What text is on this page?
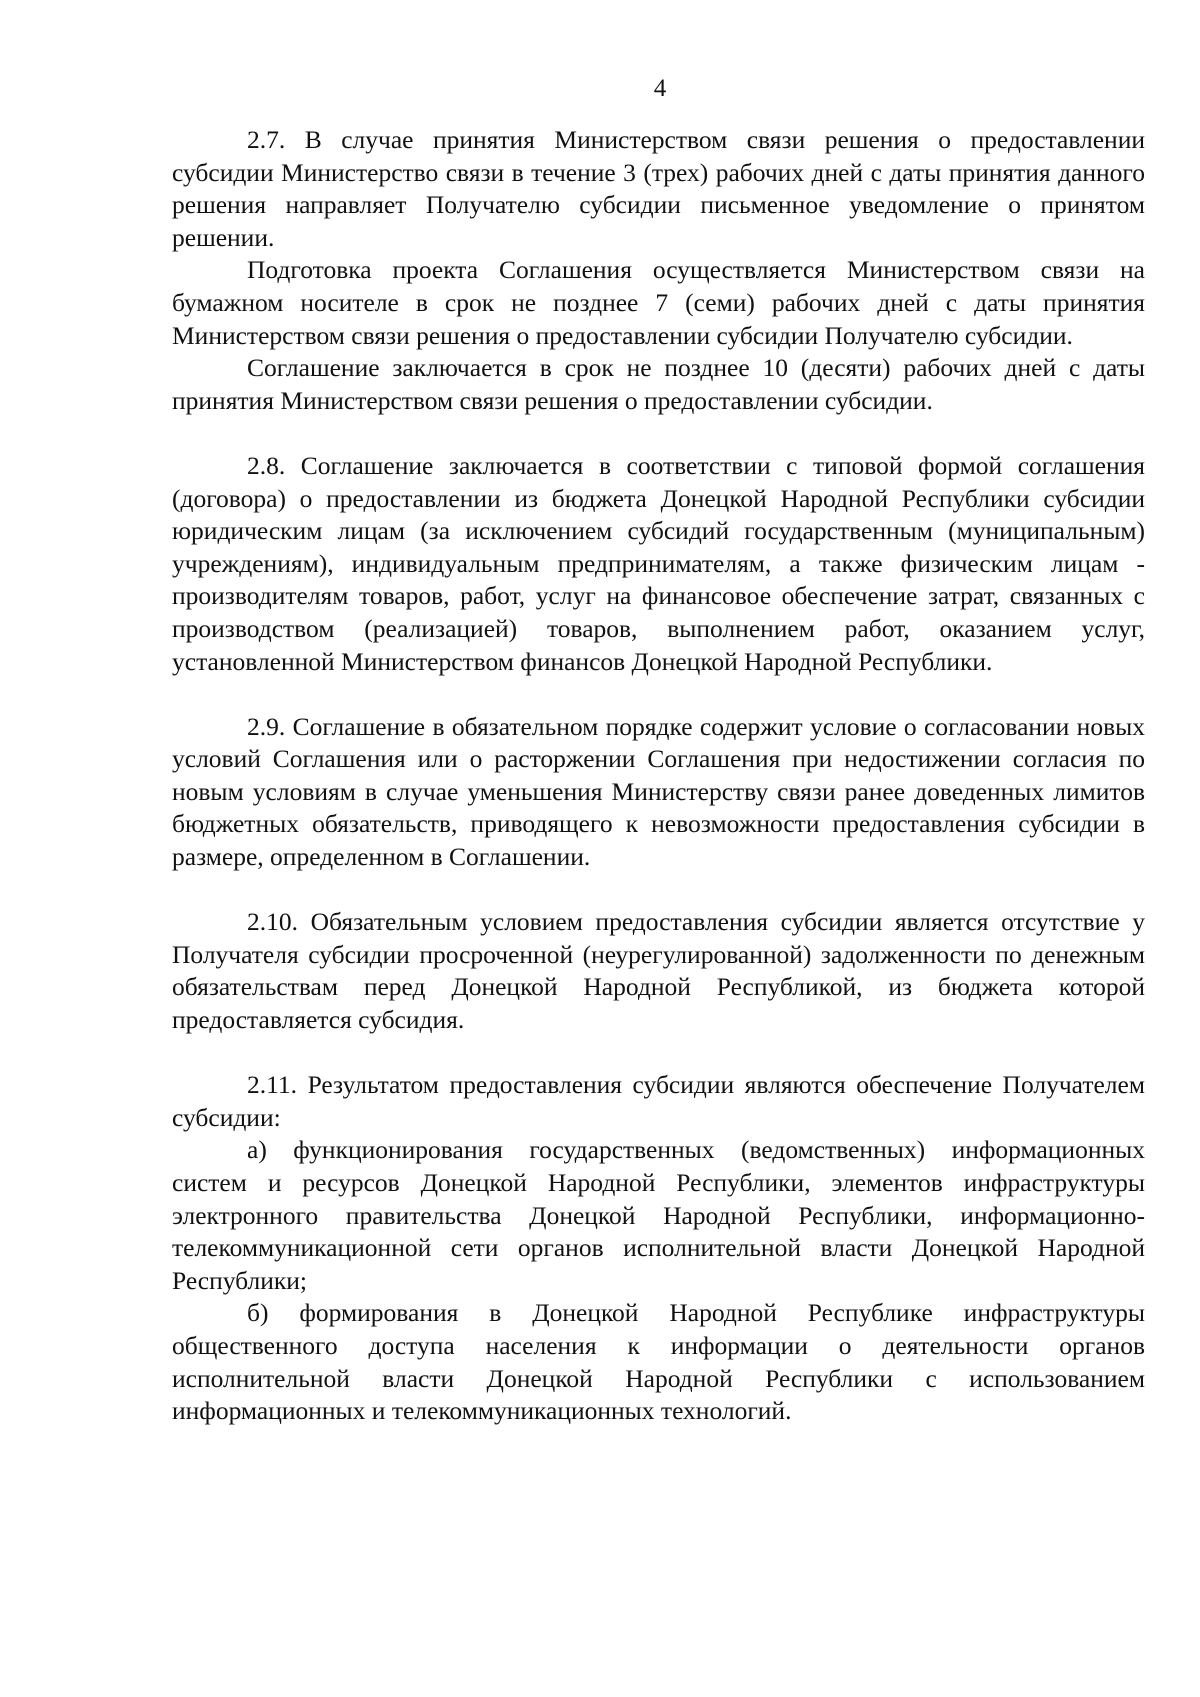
4

2.7. В случае принятия Министерством связи решения о предоставлении субсидии Министерство связи в течение 3 (трех) рабочих дней с даты принятия данного решения направляет Получателю субсидии письменное уведомление о принятом решении.

Подготовка проекта Соглашения осуществляется Министерством связи на бумажном носителе в срок не позднее 7 (семи) рабочих дней с даты принятия Министерством связи решения о предоставлении субсидии Получателю субсидии.

Соглашение заключается в срок не позднее 10 (десяти) рабочих дней с даты принятия Министерством связи решения о предоставлении субсидии.

2.8. Соглашение заключается в соответствии с типовой формой соглашения (договора) о предоставлении из бюджета Донецкой Народной Республики субсидии юридическим лицам (за исключением субсидий государственным (муниципальным) учреждениям), индивидуальным предпринимателям, а также физическим лицам - производителям товаров, работ, услуг на финансовое обеспечение затрат, связанных с производством (реализацией) товаров, выполнением работ, оказанием услуг, установленной Министерством финансов Донецкой Народной Республики.

2.9. Соглашение в обязательном порядке содержит условие о согласовании новых условий Соглашения или о расторжении Соглашения при недостижении согласия по новым условиям в случае уменьшения Министерству связи ранее доведенных лимитов бюджетных обязательств, приводящего к невозможности предоставления субсидии в размере, определенном в Соглашении.

2.10. Обязательным условием предоставления субсидии является отсутствие у Получателя субсидии просроченной (неурегулированной) задолженности по денежным обязательствам перед Донецкой Народной Республикой, из бюджета которой предоставляется субсидия.

2.11. Результатом предоставления субсидии являются обеспечение Получателем субсидии:

а) функционирования государственных (ведомственных) информационных систем и ресурсов Донецкой Народной Республики, элементов инфраструктуры электронного правительства Донецкой Народной Республики, информационно-телекоммуникационной сети органов исполнительной власти Донецкой Народной Республики;

б) формирования в Донецкой Народной Республике инфраструктуры общественного доступа населения к информации о деятельности органов исполнительной власти Донецкой Народной Республики с использованием информационных и телекоммуникационных технологий.
